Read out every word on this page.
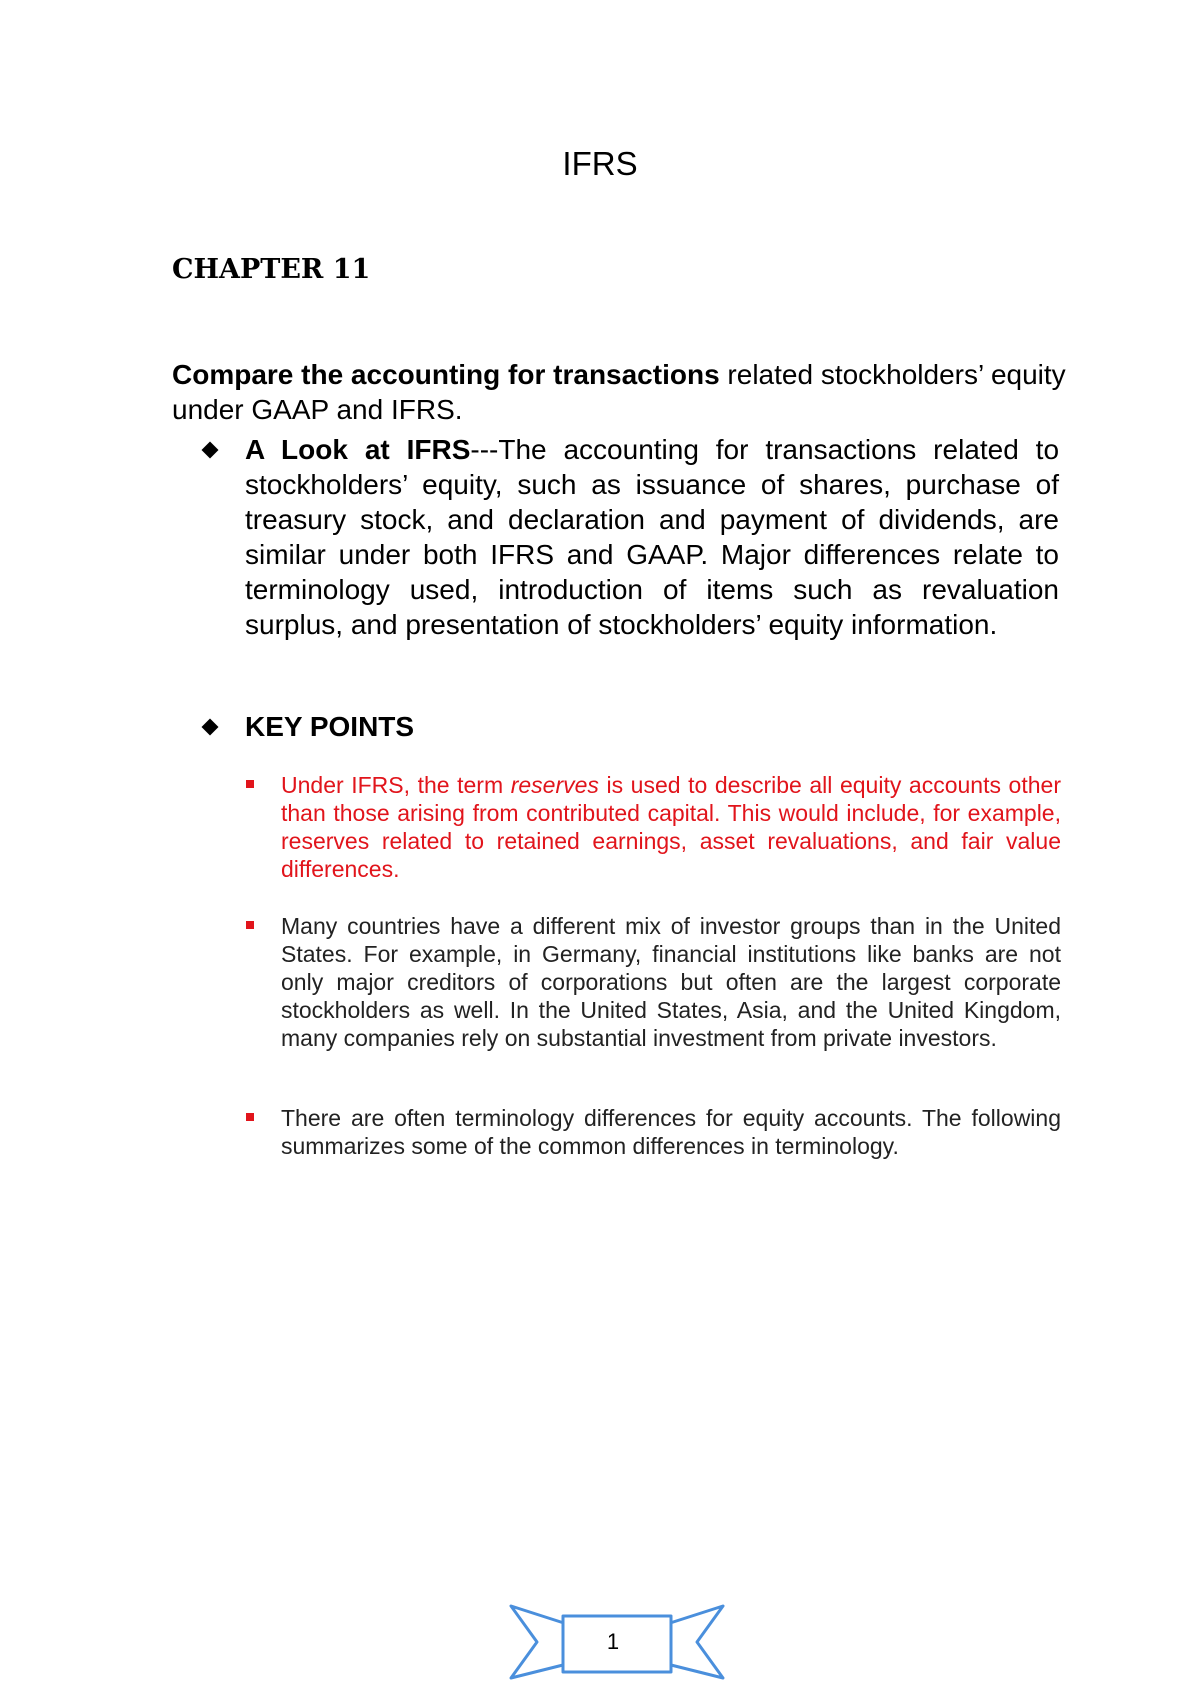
IFRS
CHAPTER 11
Compare the accounting for transactions related stockholders’ equity under GAAP and IFRS.
A Look at IFRS---The accounting for transactions related to stockholders’ equity, such as issuance of shares, purchase of treasury stock, and declaration and payment of dividends, are similar under both IFRS and GAAP. Major differences relate to terminology used, introduction of items such as revaluation surplus, and presentation of stockholders’ equity information.
KEY POINTS
Under IFRS, the term reserves is used to describe all equity accounts other than those arising from contributed capital. This would include, for example, reserves related to retained earnings, asset revaluations, and fair value differences.
Many countries have a different mix of investor groups than in the United States. For example, in Germany, financial institutions like banks are not only major creditors of corporations but often are the largest corporate stockholders as well. In the United States, Asia, and the United Kingdom, many companies rely on substantial investment from private investors.
There are often terminology differences for equity accounts. The following summarizes some of the common differences in terminology.
1
